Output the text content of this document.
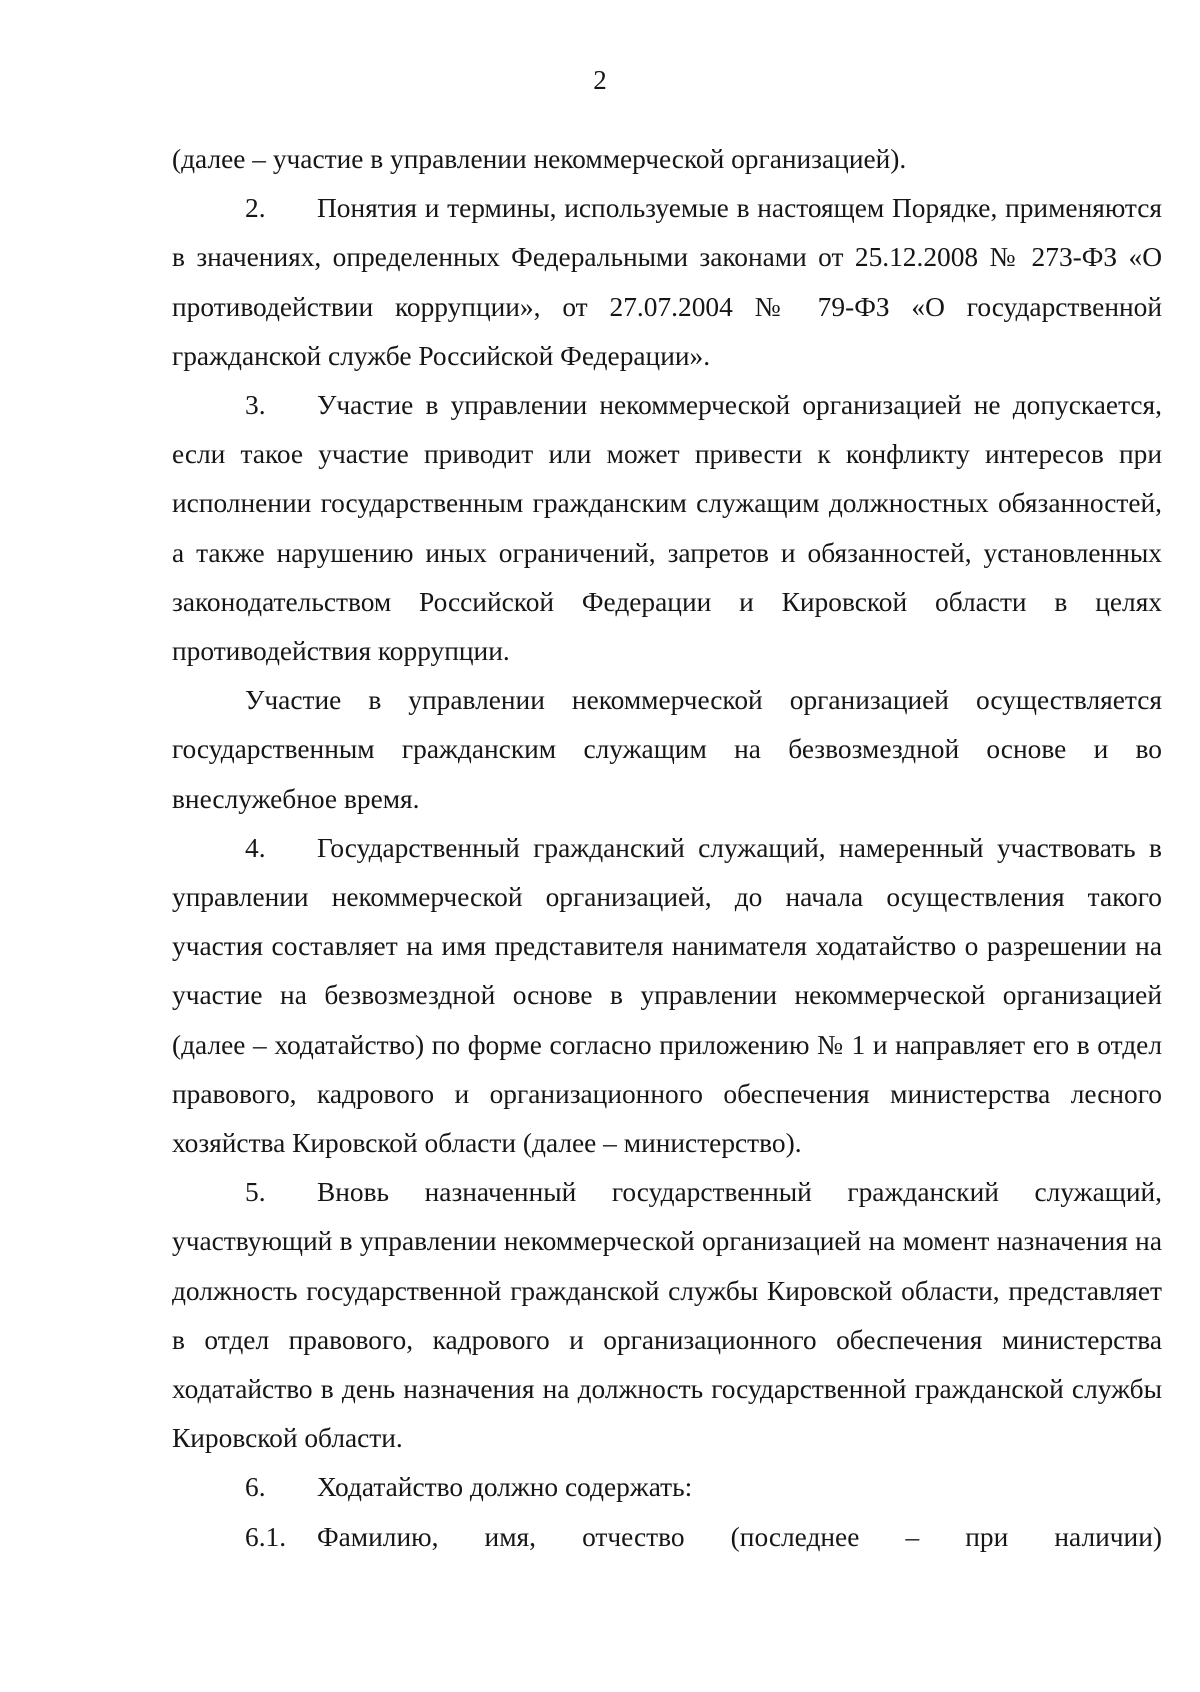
2

(далее – участие в управлении некоммерческой организацией).

2. Понятия и термины, используемые в настоящем Порядке, применяются в значениях, определенных Федеральными законами от 25.12.2008 № 273-ФЗ «О противодействии коррупции», от 27.07.2004 № 79-ФЗ «О государственной гражданской службе Российской Федерации».

3. Участие в управлении некоммерческой организацией не допускается, если такое участие приводит или может привести к конфликту интересов при исполнении государственным гражданским служащим должностных обязанностей, а также нарушению иных ограничений, запретов и обязанностей, установленных законодательством Российской Федерации и Кировской области в целях противодействия коррупции.

Участие в управлении некоммерческой организацией осуществляется государственным гражданским служащим на безвозмездной основе и во внеслужебное время.

4. Государственный гражданский служащий, намеренный участвовать в управлении некоммерческой организацией, до начала осуществления такого участия составляет на имя представителя нанимателя ходатайство о разрешении на участие на безвозмездной основе в управлении некоммерческой организацией (далее – ходатайство) по форме согласно приложению № 1 и направляет его в отдел правового, кадрового и организационного обеспечения министерства лесного хозяйства Кировской области (далее – министерство).

5. Вновь назначенный государственный гражданский служащий, участвующий в управлении некоммерческой организацией на момент назначения на должность государственной гражданской службы Кировской области, представляет в отдел правового, кадрового и организационного обеспечения министерства ходатайство в день назначения на должность государственной гражданской службы Кировской области.

6. Ходатайство должно содержать:

6.1. Фамилию, имя, отчество (последнее – при наличии)
